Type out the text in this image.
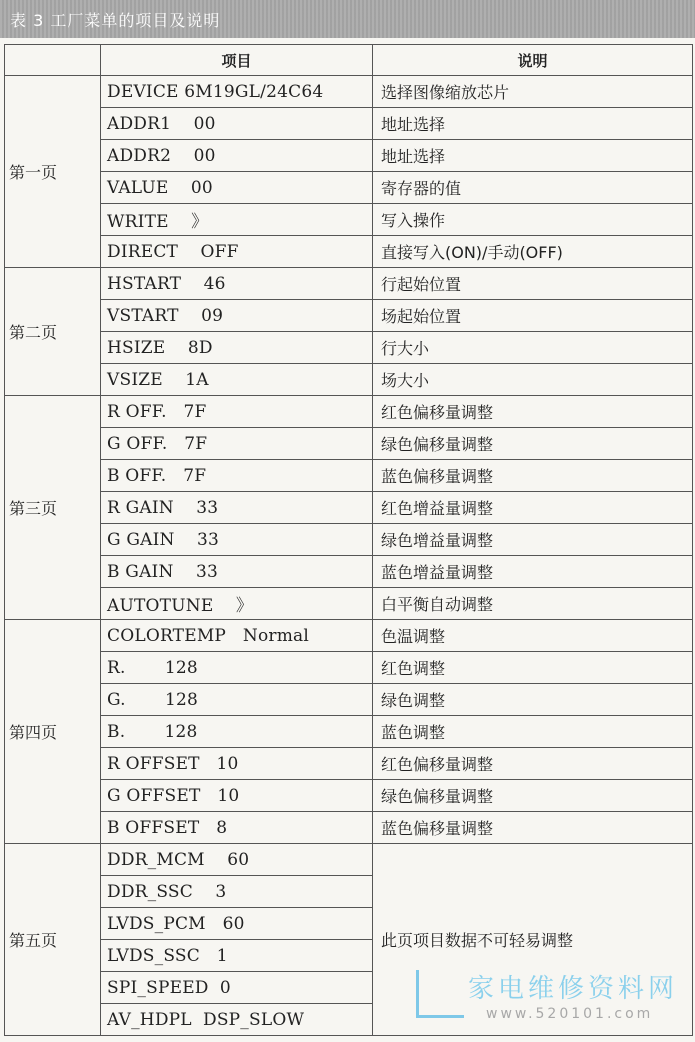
表 3 工厂菜单的项目及说明
	项目	说明
第一页	DEVICE 6M19GL/24C64	选择图像缩放芯片
	ADDR1    00	地址选择
	ADDR2    00	地址选择
	VALUE    00	寄存器的值
	WRITE    》	写入操作
	DIRECT    OFF	直接写入(ON)/手动(OFF)
第二页	HSTART    46	行起始位置
	VSTART    09	场起始位置
	HSIZE    8D	行大小
	VSIZE    1A	场大小
第三页	R OFF.   7F	红色偏移量调整
	G OFF.   7F	绿色偏移量调整
	B OFF.   7F	蓝色偏移量调整
	R GAIN    33	红色增益量调整
	G GAIN    33	绿色增益量调整
	B GAIN    33	蓝色增益量调整
	AUTOTUNE    》	白平衡自动调整
第四页	COLORTEMP   Normal	色温调整
	R.       128	红色调整
	G.       128	绿色调整
	B.       128	蓝色调整
	R OFFSET   10	红色偏移量调整
	G OFFSET   10	绿色偏移量调整
	B OFFSET   8	蓝色偏移量调整
第五页	DDR_MCM    60	此页项目数据不可轻易调整
	DDR_SSC    3	
	LVDS_PCM   60	
	LVDS_SSC   1	
	SPI_SPEED  0	
	AV_HDPL  DSP_SLOW	
家电维修资料网
www.520101.com
